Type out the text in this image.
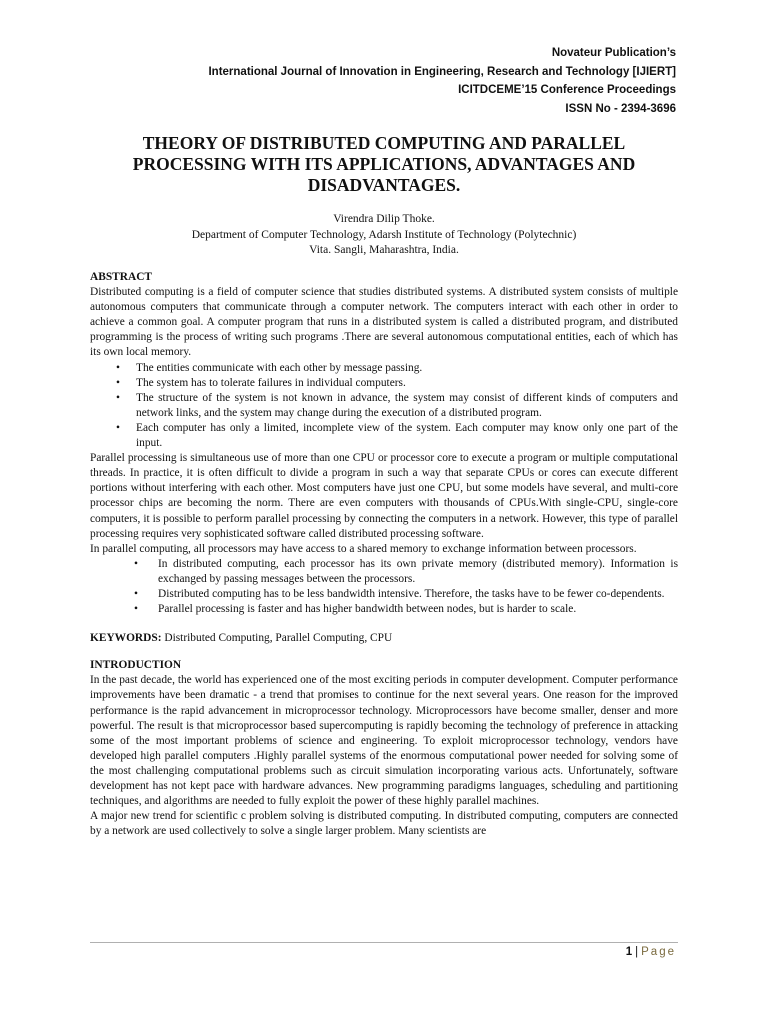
Novateur Publication’s
International Journal of Innovation in Engineering, Research and Technology [IJIERT]
ICITDCEME’15 Conference Proceedings
ISSN No - 2394-3696
THEORY OF DISTRIBUTED COMPUTING AND PARALLEL PROCESSING WITH ITS APPLICATIONS, ADVANTAGES AND DISADVANTAGES.
Virendra Dilip Thoke.
Department of Computer Technology, Adarsh Institute of Technology (Polytechnic)
Vita. Sangli, Maharashtra, India.

ABSTRACT

Distributed computing is a field of computer science that studies distributed systems. A distributed system consists of multiple autonomous computers that communicate through a computer network. The computers interact with each other in order to achieve a common goal. A computer program that runs in a distributed system is called a distributed program, and distributed programming is the process of writing such programs .There are several autonomous computational entities, each of which has its own local memory.

• The entities communicate with each other by message passing.
• The system has to tolerate failures in individual computers.
• The structure of the system is not known in advance, the system may consist of different kinds of computers and network links, and the system may change during the execution of a distributed program.
• Each computer has only a limited, incomplete view of the system. Each computer may know only one part of the input.

Parallel processing is simultaneous use of more than one CPU or processor core to execute a program or multiple computational threads. In practice, it is often difficult to divide a program in such a way that separate CPUs or cores can execute different portions without interfering with each other. Most computers have just one CPU, but some models have several, and multi-core processor chips are becoming the norm. There are even computers with thousands of CPUs.With single-CPU, single-core computers, it is possible to perform parallel processing by connecting the computers in a network. However, this type of parallel processing requires very sophisticated software called distributed processing software.

In parallel computing, all processors may have access to a shared memory to exchange information between processors.

• In distributed computing, each processor has its own private memory (distributed memory). Information is exchanged by passing messages between the processors.
• Distributed computing has to be less bandwidth intensive. Therefore, the tasks have to be fewer co-dependents.
• Parallel processing is faster and has higher bandwidth between nodes, but is harder to scale.

KEYWORDS: Distributed Computing, Parallel Computing, CPU

INTRODUCTION

In the past decade, the world has experienced one of the most exciting periods in computer development. Computer performance improvements have been dramatic - a trend that promises to continue for the next several years. One reason for the improved performance is the rapid advancement in microprocessor technology. Microprocessors have become smaller, denser and more powerful. The result is that microprocessor based supercomputing is rapidly becoming the technology of preference in attacking some of the most important problems of science and engineering. To exploit microprocessor technology, vendors have developed high parallel computers .Highly parallel systems of the enormous computational power needed for solving some of the most challenging computational problems such as circuit simulation incorporating various acts. Unfortunately, software development has not kept pace with hardware advances. New programming paradigms languages, scheduling and partitioning techniques, and algorithms are needed to fully exploit the power of these highly parallel machines.

A major new trend for scientific c problem solving is distributed computing. In distributed computing, computers are connected by a network are used collectively to solve a single larger problem. Many scientists are

1 | Page
